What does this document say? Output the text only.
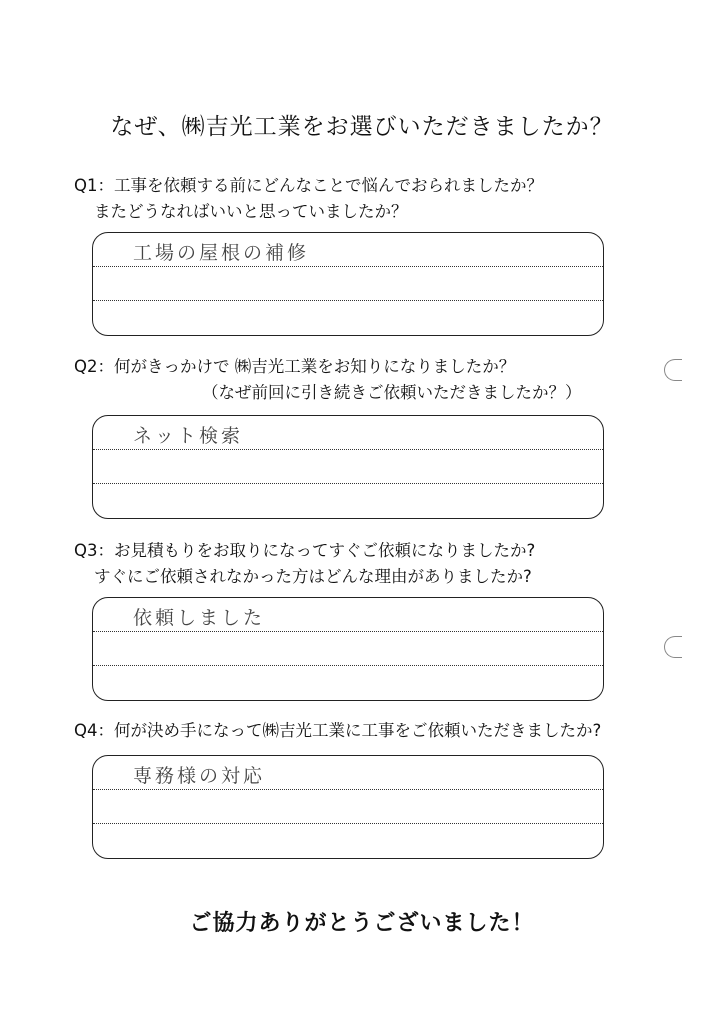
なぜ、㈱吉光工業をお選びいただきましたか？
Q1：工事を依頼する前にどんなことで悩んでおられましたか？
またどうなればいいと思っていましたか？
工場の屋根の補修
Q2：何がきっかけで ㈱吉光工業をお知りになりましたか？
（なぜ前回に引き続きご依頼いただきましたか？）
ネット検索
Q3：お見積もりをお取りになってすぐご依頼になりましたか?
すぐにご依頼されなかった方はどんな理由がありましたか?
依頼しました
Q4：何が決め手になって㈱吉光工業に工事をご依頼いただきましたか?
専務様の対応
ご協力ありがとうございました！
